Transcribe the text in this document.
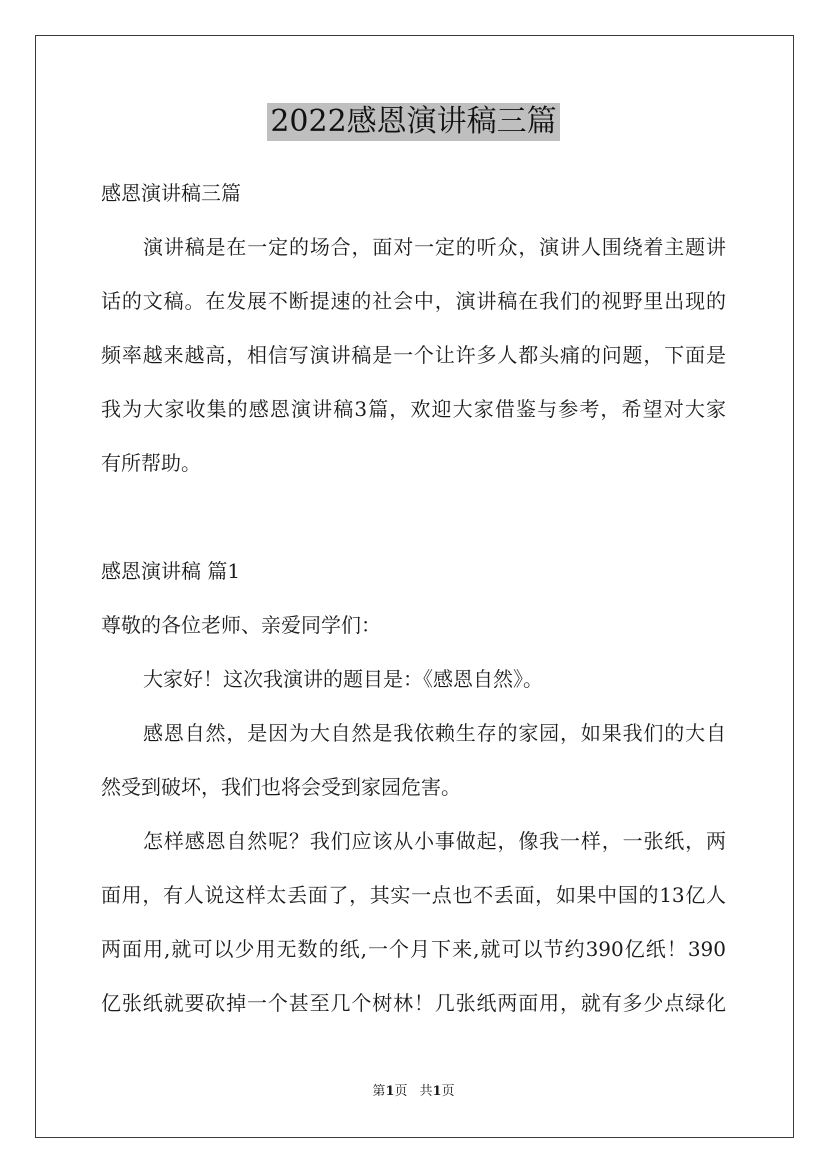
2022感恩演讲稿三篇
感恩演讲稿三篇
演讲稿是在一定的场合，面对一定的听众，演讲人围绕着主题讲
话的文稿。在发展不断提速的社会中，演讲稿在我们的视野里出现的
频率越来越高，相信写演讲稿是一个让许多人都头痛的问题，下面是
我为大家收集的感恩演讲稿3篇，欢迎大家借鉴与参考，希望对大家
有所帮助。
感恩演讲稿 篇1
尊敬的各位老师、亲爱同学们：
大家好！这次我演讲的题目是：《感恩自然》。
感恩自然，是因为大自然是我依赖生存的家园，如果我们的大自
然受到破坏，我们也将会受到家园危害。
怎样感恩自然呢？我们应该从小事做起，像我一样，一张纸，两
面用，有人说这样太丢面了，其实一点也不丢面，如果中国的13亿人
两面用,就可以少用无数的纸,一个月下来,就可以节约390亿纸！390
亿张纸就要砍掉一个甚至几个树林！几张纸两面用，就有多少点绿化
第1页 共1页
